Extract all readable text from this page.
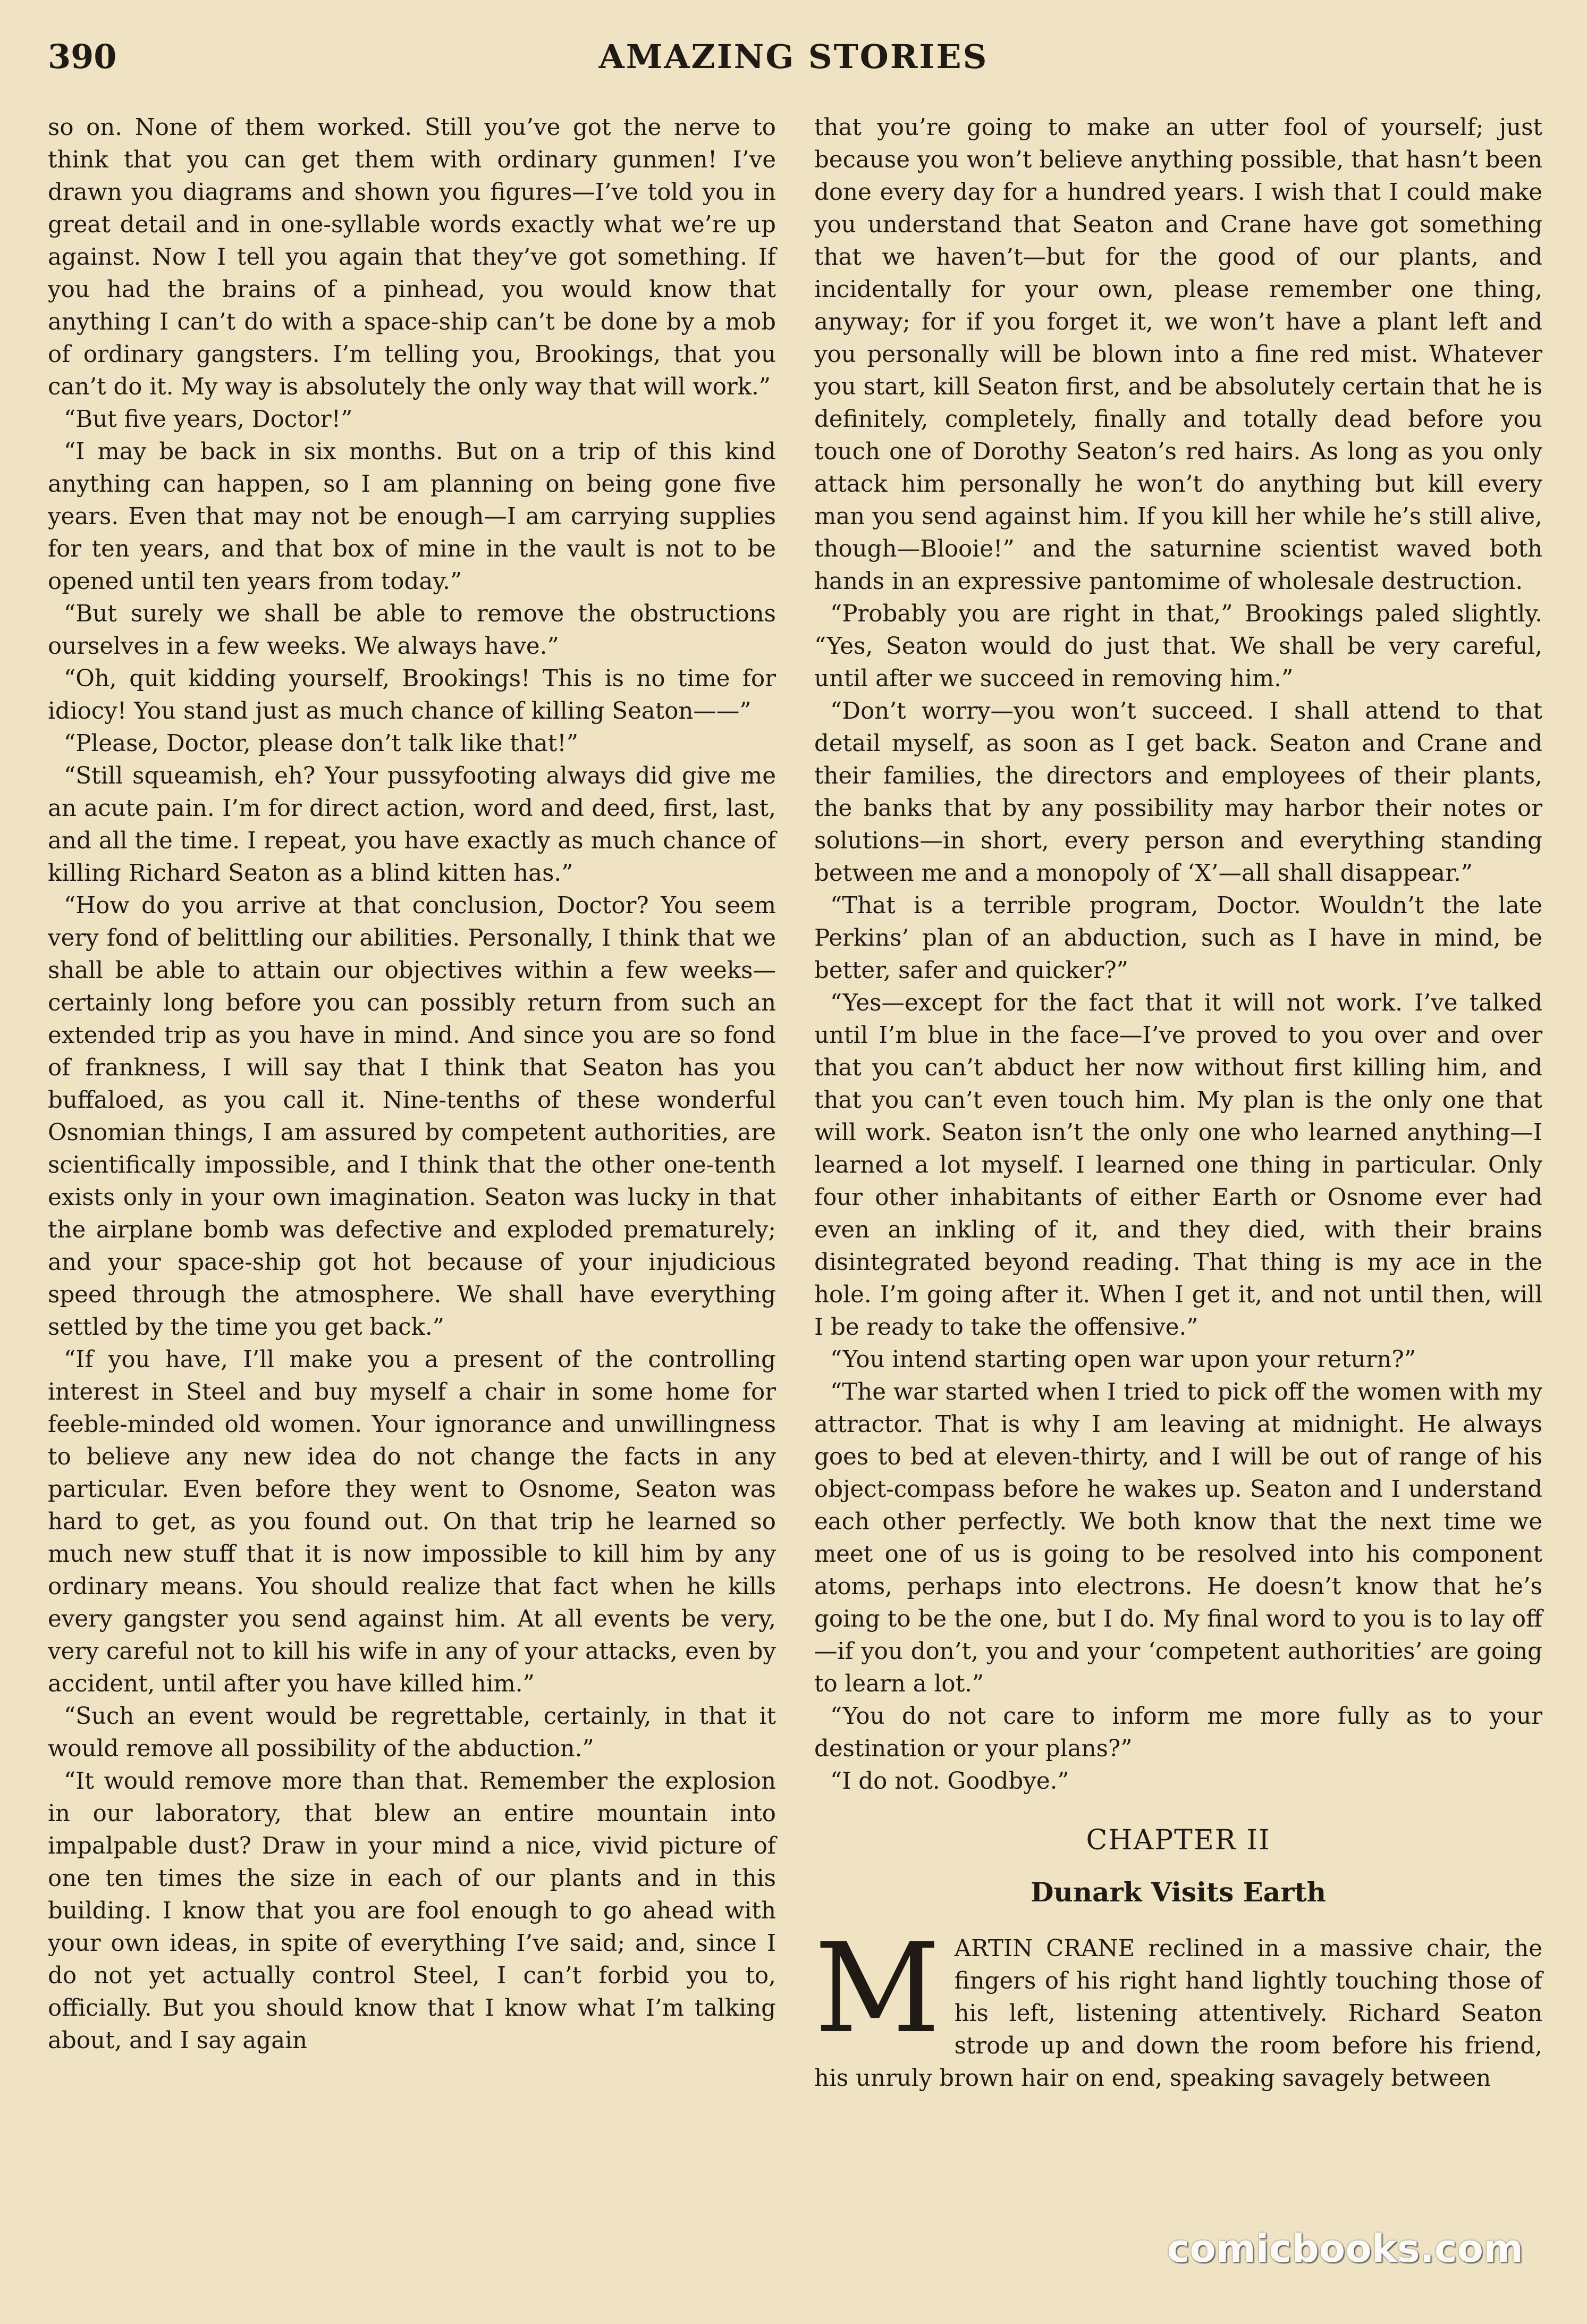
390	AMAZING STORIES

so on. None of them worked. Still you’ve got the nerve to think that you can get them with ordinary gunmen! I’ve drawn you diagrams and shown you figures—I’ve told you in great detail and in one-syllable words exactly what we’re up against. Now I tell you again that they’ve got something. If you had the brains of a pinhead, you would know that anything I can’t do with a space-ship can’t be done by a mob of ordinary gangsters. I’m telling you, Brookings, that you can’t do it. My way is absolutely the only way that will work.”

“But five years, Doctor!”

“I may be back in six months. But on a trip of this kind anything can happen, so I am planning on being gone five years. Even that may not be enough—I am carrying supplies for ten years, and that box of mine in the vault is not to be opened until ten years from today.”

“But surely we shall be able to remove the obstructions ourselves in a few weeks. We always have.”

“Oh, quit kidding yourself, Brookings! This is no time for idiocy! You stand just as much chance of killing Seaton——”

“Please, Doctor, please don’t talk like that!”

“Still squeamish, eh? Your pussyfooting always did give me an acute pain. I’m for direct action, word and deed, first, last, and all the time. I repeat, you have exactly as much chance of killing Richard Seaton as a blind kitten has.”

“How do you arrive at that conclusion, Doctor? You seem very fond of belittling our abilities. Personally, I think that we shall be able to attain our objectives within a few weeks—certainly long before you can possibly return from such an extended trip as you have in mind. And since you are so fond of frankness, I will say that I think that Seaton has you buffaloed, as you call it. Nine-tenths of these wonderful Osnomian things, I am assured by competent authorities, are scientifically impossible, and I think that the other one-tenth exists only in your own imagination. Seaton was lucky in that the airplane bomb was defective and exploded prematurely; and your space-ship got hot because of your injudicious speed through the atmosphere. We shall have everything settled by the time you get back.”

“If you have, I’ll make you a present of the controlling interest in Steel and buy myself a chair in some home for feeble-minded old women. Your ignorance and unwillingness to believe any new idea do not change the facts in any particular. Even before they went to Osnome, Seaton was hard to get, as you found out. On that trip he learned so much new stuff that it is now impossible to kill him by any ordinary means. You should realize that fact when he kills every gangster you send against him. At all events be very, very careful not to kill his wife in any of your attacks, even by accident, until after you have killed him.”

“Such an event would be regrettable, certainly, in that it would remove all possibility of the abduction.”

“It would remove more than that. Remember the explosion in our laboratory, that blew an entire mountain into impalpable dust? Draw in your mind a nice, vivid picture of one ten times the size in each of our plants and in this building. I know that you are fool enough to go ahead with your own ideas, in spite of everything I’ve said; and, since I do not yet actually control Steel, I can’t forbid you to, officially. But you should know that I know what I’m talking about, and I say again

that you’re going to make an utter fool of yourself; just because you won’t believe anything possible, that hasn’t been done every day for a hundred years. I wish that I could make you understand that Seaton and Crane have got something that we haven’t—but for the good of our plants, and incidentally for your own, please remember one thing, anyway; for if you forget it, we won’t have a plant left and you personally will be blown into a fine red mist. Whatever you start, kill Seaton first, and be absolutely certain that he is definitely, completely, finally and totally dead before you touch one of Dorothy Seaton’s red hairs. As long as you only attack him personally he won’t do anything but kill every man you send against him. If you kill her while he’s still alive, though—Blooie!” and the saturnine scientist waved both hands in an expressive pantomime of wholesale destruction.

“Probably you are right in that,” Brookings paled slightly. “Yes, Seaton would do just that. We shall be very careful, until after we succeed in removing him.”

“Don’t worry—you won’t succeed. I shall attend to that detail myself, as soon as I get back. Seaton and Crane and their families, the directors and employees of their plants, the banks that by any possibility may harbor their notes or solutions—in short, every person and everything standing between me and a monopoly of ‘X’—all shall disappear.”

“That is a terrible program, Doctor. Wouldn’t the late Perkins’ plan of an abduction, such as I have in mind, be better, safer and quicker?”

“Yes—except for the fact that it will not work. I’ve talked until I’m blue in the face—I’ve proved to you over and over that you can’t abduct her now without first killing him, and that you can’t even touch him. My plan is the only one that will work. Seaton isn’t the only one who learned anything—I learned a lot myself. I learned one thing in particular. Only four other inhabitants of either Earth or Osnome ever had even an inkling of it, and they died, with their brains disintegrated beyond reading. That thing is my ace in the hole. I’m going after it. When I get it, and not until then, will I be ready to take the offensive.”

“You intend starting open war upon your return?”

“The war started when I tried to pick off the women with my attractor. That is why I am leaving at midnight. He always goes to bed at eleven-thirty, and I will be out of range of his object-compass before he wakes up. Seaton and I understand each other perfectly. We both know that the next time we meet one of us is going to be resolved into his component atoms, perhaps into electrons. He doesn’t know that he’s going to be the one, but I do. My final word to you is to lay off—if you don’t, you and your ‘competent authorities’ are going to learn a lot.”

“You do not care to inform me more fully as to your destination or your plans?”

“I do not. Goodbye.”

CHAPTER II
Dunark Visits Earth

M ARTIN CRANE reclined in a massive chair, the fingers of his right hand lightly touching those of his left, listening attentively. Richard Seaton strode up and down the room before his friend, his unruly brown hair on end, speaking savagely between

comicbooks.com
